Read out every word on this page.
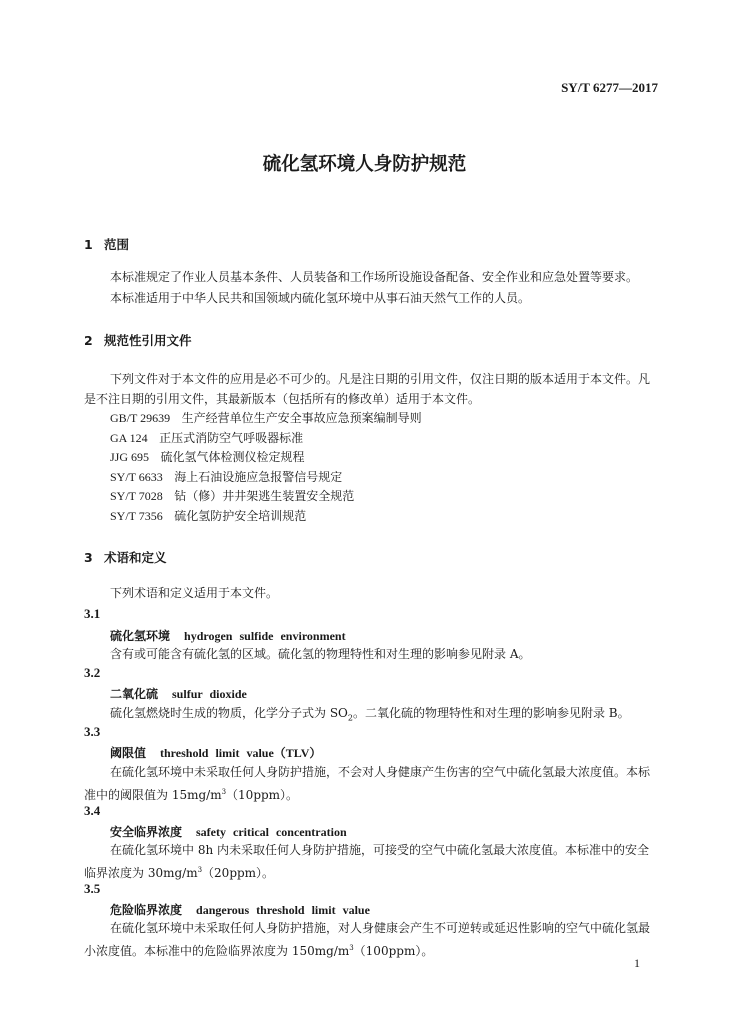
SY/T 6277—2017
硫化氢环境人身防护规范
1 范围
本标准规定了作业人员基本条件、人员装备和工作场所设施设备配备、安全作业和应急处置等要求。
本标准适用于中华人民共和国领域内硫化氢环境中从事石油天然气工作的人员。
2 规范性引用文件
下列文件对于本文件的应用是必不可少的。凡是注日期的引用文件，仅注日期的版本适用于本文件。凡是不注日期的引用文件，其最新版本（包括所有的修改单）适用于本文件。
GB/T 29639 生产经营单位生产安全事故应急预案编制导则
GA 124 正压式消防空气呼吸器标准
JJG 695 硫化氢气体检测仪检定规程
SY/T 6633 海上石油设施应急报警信号规定
SY/T 7028 钻（修）井井架逃生装置安全规范
SY/T 7356 硫化氢防护安全培训规范
3 术语和定义
下列术语和定义适用于本文件。
3.1
硫化氢环境 hydrogen sulfide environment
含有或可能含有硫化氢的区域。硫化氢的物理特性和对生理的影响参见附录 A。
3.2
二氧化硫 sulfur dioxide
硫化氢燃烧时生成的物质，化学分子式为 $SO_2$。二氧化硫的物理特性和对生理的影响参见附录 B。
3.3
阈限值 threshold limit value（TLV）
在硫化氢环境中未采取任何人身防护措施，不会对人身健康产生伤害的空气中硫化氢最大浓度值。本标准中的阈限值为 $15mg/m^3(10ppm)$。
3.4
安全临界浓度 safety critical concentration
在硫化氢环境中 8h 内未采取任何人身防护措施，可接受的空气中硫化氢最大浓度值。本标准中的安全临界浓度为 $30mg/m^3(20ppm)$。
3.5
危险临界浓度 dangerous threshold limit value
在硫化氢环境中未采取任何人身防护措施，对人身健康会产生不可逆转或延迟性影响的空气中硫化氢最小浓度值。本标准中的危险临界浓度为 $150mg/m^3(100ppm)$。
1
